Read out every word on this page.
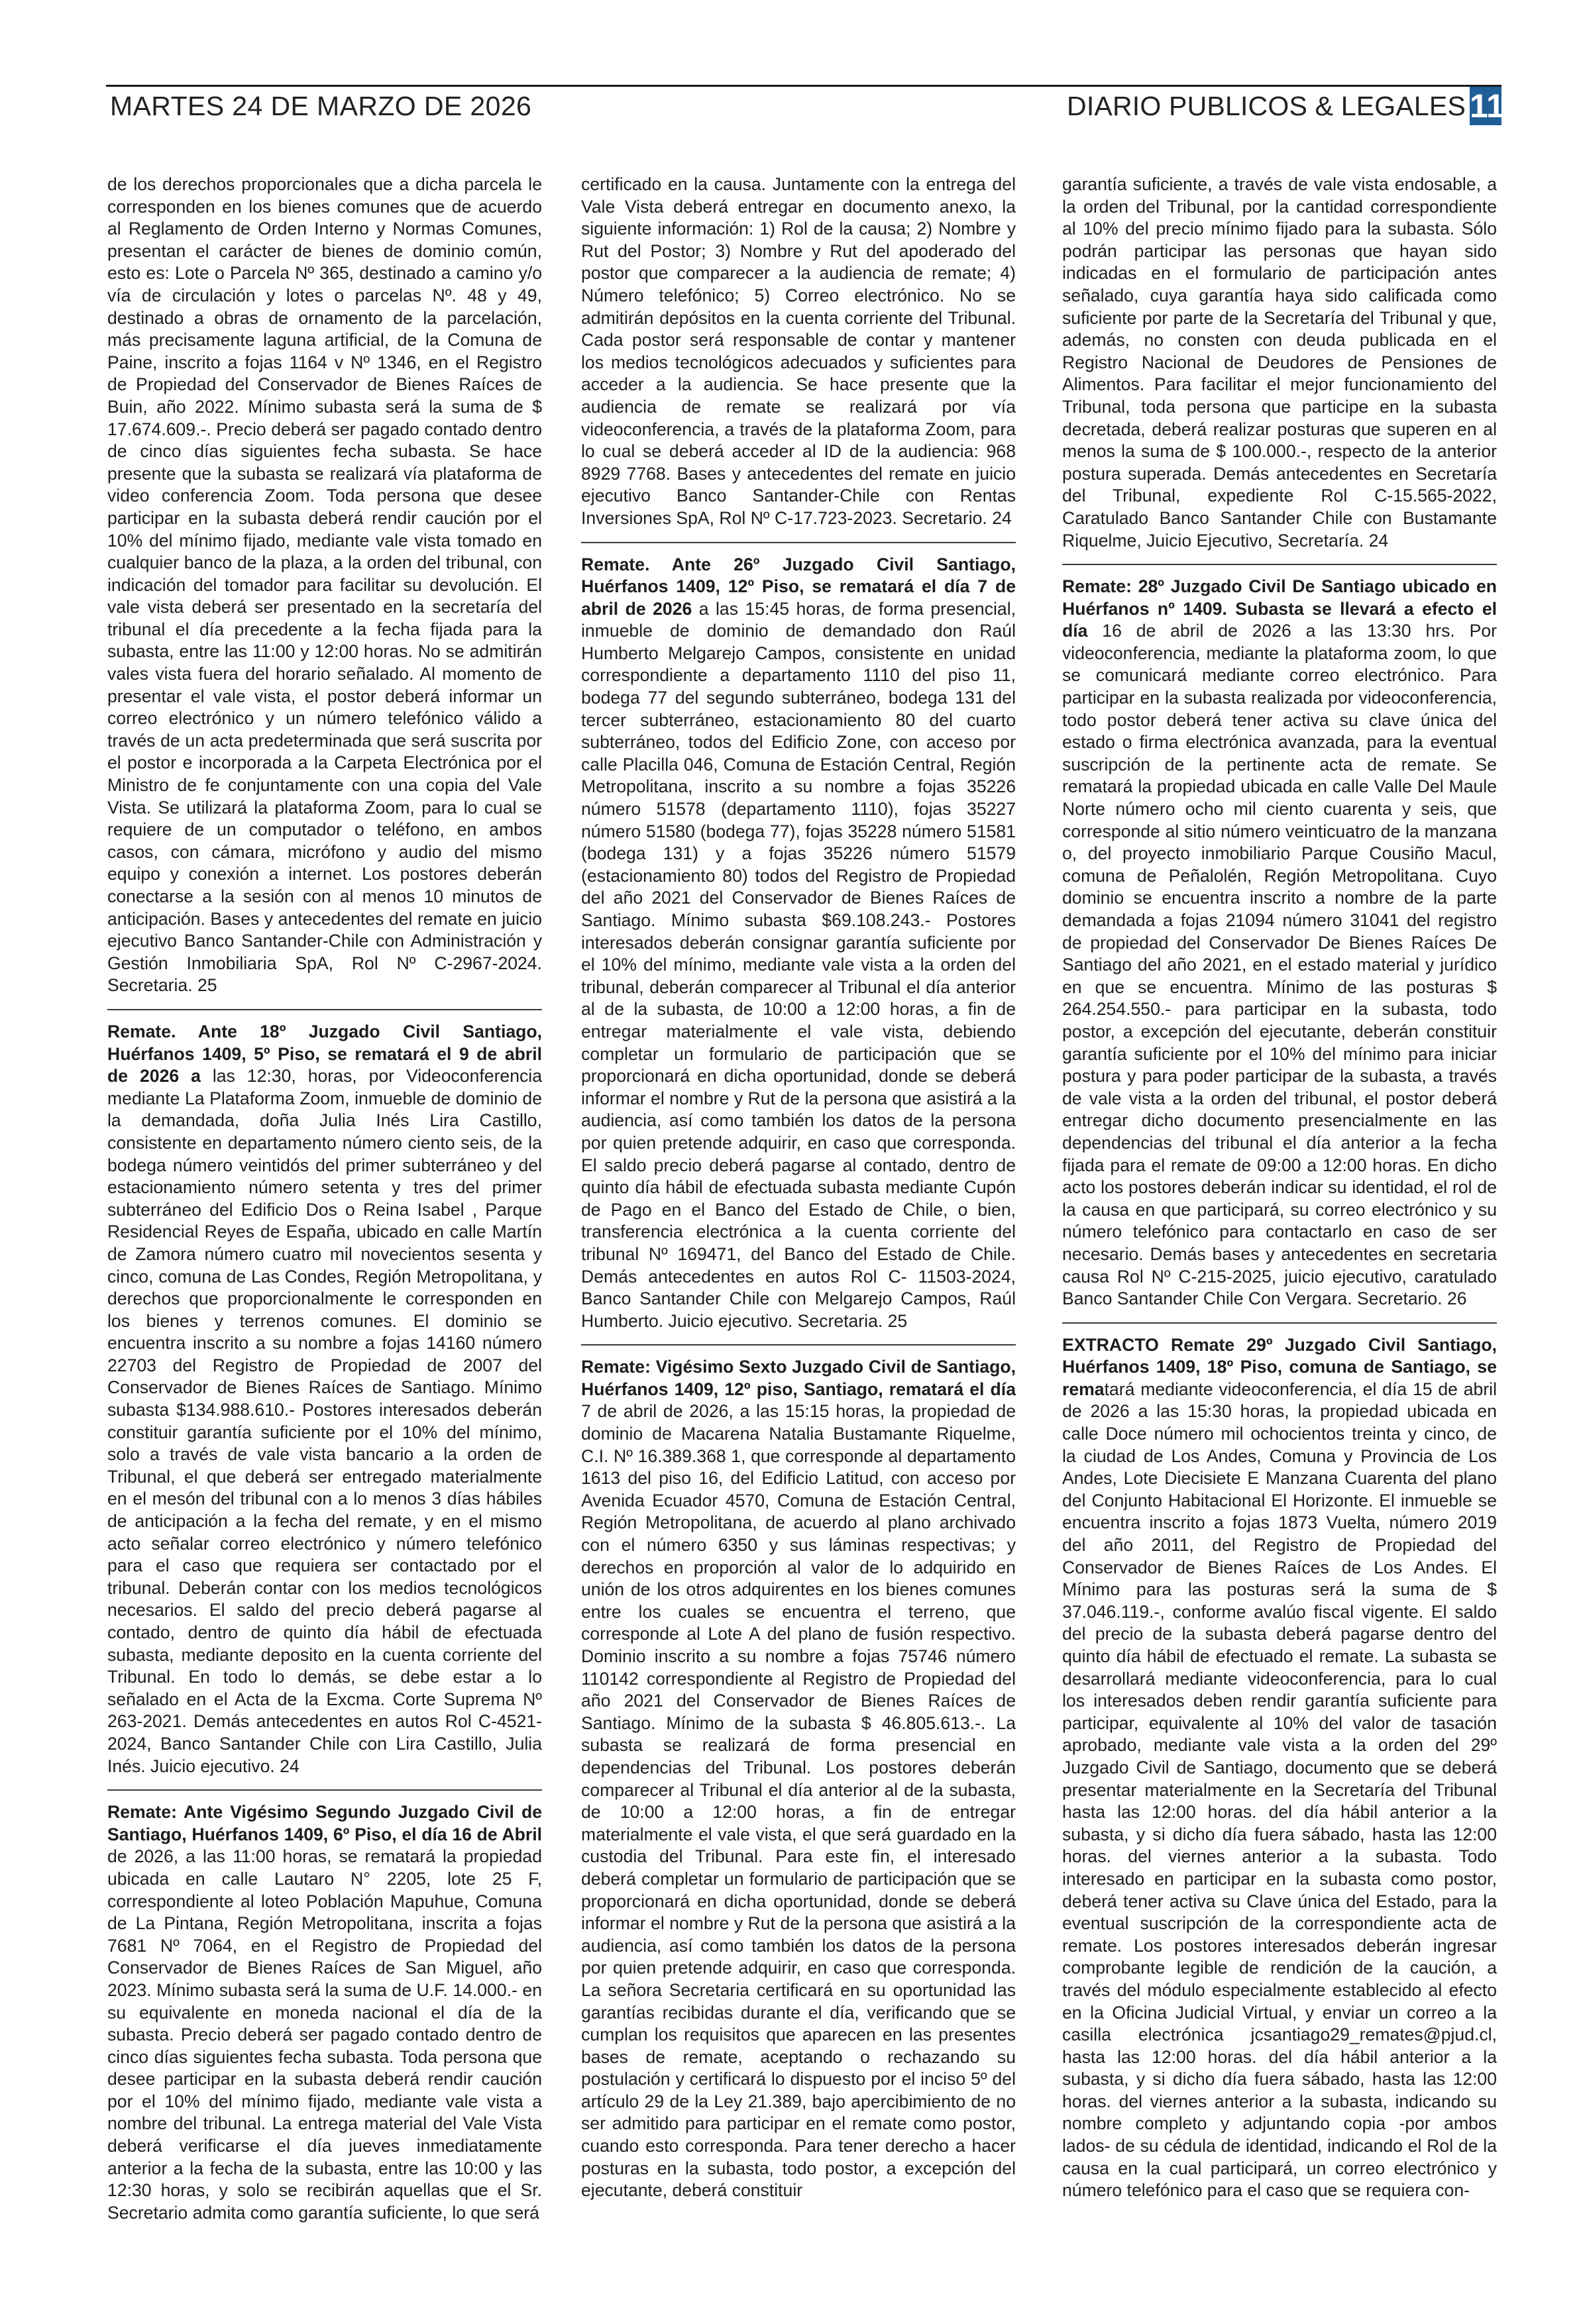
MARTES 24 DE MARZO DE 2026	DIARIO PUBLICOS & LEGALES 11

de los derechos proporcionales que a dicha parcela le corresponden en los bienes comunes que de acuerdo al Reglamento de Orden Interno y Normas Comunes, presentan el carácter de bienes de dominio común, esto es: Lote o Parcela Nº 365, destinado a camino y/o vía de circulación y lotes o parcelas Nº. 48 y 49, destinado a obras de ornamento de la parcelación, más precisamente laguna artificial, de la Comuna de Paine, inscrito a fojas 1164 v Nº 1346, en el Registro de Propiedad del Conservador de Bienes Raíces de Buin, año 2022. Mínimo subasta será la suma de $ 17.674.609.-. Precio deberá ser pagado contado dentro de cinco días siguientes fecha subasta. Se hace presente que la subasta se realizará vía plataforma de video conferencia Zoom. Toda persona que desee participar en la subasta deberá rendir caución por el 10% del mínimo fijado, mediante vale vista tomado en cualquier banco de la plaza, a la orden del tribunal, con indicación del tomador para facilitar su devolución. El vale vista deberá ser presentado en la secretaría del tribunal el día precedente a la fecha fijada para la subasta, entre las 11:00 y 12:00 horas. No se admitirán vales vista fuera del horario señalado. Al momento de presentar el vale vista, el postor deberá informar un correo electrónico y un número telefónico válido a través de un acta predeterminada que será suscrita por el postor e incorporada a la Carpeta Electrónica por el Ministro de fe conjuntamente con una copia del Vale Vista. Se utilizará la plataforma Zoom, para lo cual se requiere de un computador o teléfono, en ambos casos, con cámara, micrófono y audio del mismo equipo y conexión a internet. Los postores deberán conectarse a la sesión con al menos 10 minutos de anticipación. Bases y antecedentes del remate en juicio ejecutivo Banco Santander-Chile con Administración y Gestión Inmobiliaria SpA, Rol Nº C-2967-2024. Secretaria. 25

Remate. Ante 18º Juzgado Civil Santiago, Huérfanos 1409, 5º Piso, se rematará el 9 de abril de 2026 a las 12:30, horas, por Videoconferencia mediante La Plataforma Zoom, inmueble de dominio de la demandada, doña Julia Inés Lira Castillo, consistente en departamento número ciento seis, de la bodega número veintidós del primer subterráneo y del estacionamiento número setenta y tres del primer subterráneo del Edificio Dos o Reina Isabel , Parque Residencial Reyes de España, ubicado en calle Martín de Zamora número cuatro mil novecientos sesenta y cinco, comuna de Las Condes, Región Metropolitana, y derechos que proporcionalmente le corresponden en los bienes y terrenos comunes. El dominio se encuentra inscrito a su nombre a fojas 14160 número 22703 del Registro de Propiedad de 2007 del Conservador de Bienes Raíces de Santiago. Mínimo subasta $134.988.610.- Postores interesados deberán constituir garantía suficiente por el 10% del mínimo, solo a través de vale vista bancario a la orden de Tribunal, el que deberá ser entregado materialmente en el mesón del tribunal con a lo menos 3 días hábiles de anticipación a la fecha del remate, y en el mismo acto señalar correo electrónico y número telefónico para el caso que requiera ser contactado por el tribunal. Deberán contar con los medios tecnológicos necesarios. El saldo del precio deberá pagarse al contado, dentro de quinto día hábil de efectuada subasta, mediante deposito en la cuenta corriente del Tribunal. En todo lo demás, se debe estar a lo señalado en el Acta de la Excma. Corte Suprema Nº 263-2021. Demás antecedentes en autos Rol C-4521-2024, Banco Santander Chile con Lira Castillo, Julia Inés. Juicio ejecutivo. 24

Remate: Ante Vigésimo Segundo Juzgado Civil de Santiago, Huérfanos 1409, 6º Piso, el día 16 de Abril de 2026, a las 11:00 horas, se rematará la propiedad ubicada en calle Lautaro N° 2205, lote 25 F, correspondiente al loteo Población Mapuhue, Comuna de La Pintana, Región Metropolitana, inscrita a fojas 7681 Nº 7064, en el Registro de Propiedad del Conservador de Bienes Raíces de San Miguel, año 2023. Mínimo subasta será la suma de U.F. 14.000.- en su equivalente en moneda nacional el día de la subasta. Precio deberá ser pagado contado dentro de cinco días siguientes fecha subasta. Toda persona que desee participar en la subasta deberá rendir caución por el 10% del mínimo fijado, mediante vale vista a nombre del tribunal. La entrega material del Vale Vista deberá verificarse el día jueves inmediatamente anterior a la fecha de la subasta, entre las 10:00 y las 12:30 horas, y solo se recibirán aquellas que el Sr. Secretario admita como garantía suficiente, lo que será

certificado en la causa. Juntamente con la entrega del Vale Vista deberá entregar en documento anexo, la siguiente información: 1) Rol de la causa; 2) Nombre y Rut del Postor; 3) Nombre y Rut del apoderado del postor que comparecer a la audiencia de remate; 4) Número telefónico; 5) Correo electrónico. No se admitirán depósitos en la cuenta corriente del Tribunal. Cada postor será responsable de contar y mantener los medios tecnológicos adecuados y suficientes para acceder a la audiencia. Se hace presente que la audiencia de remate se realizará por vía videoconferencia, a través de la plataforma Zoom, para lo cual se deberá acceder al ID de la audiencia: 968 8929 7768. Bases y antecedentes del remate en juicio ejecutivo Banco Santander-Chile con Rentas Inversiones SpA, Rol Nº C-17.723-2023. Secretario. 24

Remate. Ante 26º Juzgado Civil Santiago, Huérfanos 1409, 12º Piso, se rematará el día 7 de abril de 2026 a las 15:45 horas, de forma presencial, inmueble de dominio de demandado don Raúl Humberto Melgarejo Campos, consistente en unidad correspondiente a departamento 1110 del piso 11, bodega 77 del segundo subterráneo, bodega 131 del tercer subterráneo, estacionamiento 80 del cuarto subterráneo, todos del Edificio Zone, con acceso por calle Placilla 046, Comuna de Estación Central, Región Metropolitana, inscrito a su nombre a fojas 35226 número 51578 (departamento 1110), fojas 35227 número 51580 (bodega 77), fojas 35228 número 51581 (bodega 131) y a fojas 35226 número 51579 (estacionamiento 80) todos del Registro de Propiedad del año 2021 del Conservador de Bienes Raíces de Santiago. Mínimo subasta $69.108.243.- Postores interesados deberán consignar garantía suficiente por el 10% del mínimo, mediante vale vista a la orden del tribunal, deberán comparecer al Tribunal el día anterior al de la subasta, de 10:00 a 12:00 horas, a fin de entregar materialmente el vale vista, debiendo completar un formulario de participación que se proporcionará en dicha oportunidad, donde se deberá informar el nombre y Rut de la persona que asistirá a la audiencia, así como también los datos de la persona por quien pretende adquirir, en caso que corresponda. El saldo precio deberá pagarse al contado, dentro de quinto día hábil de efectuada subasta mediante Cupón de Pago en el Banco del Estado de Chile, o bien, transferencia electrónica a la cuenta corriente del tribunal Nº 169471, del Banco del Estado de Chile. Demás antecedentes en autos Rol C- 11503-2024, Banco Santander Chile con Melgarejo Campos, Raúl Humberto. Juicio ejecutivo. Secretaria. 25

Remate: Vigésimo Sexto Juzgado Civil de Santiago, Huérfanos 1409, 12º piso, Santiago, rematará el día 7 de abril de 2026, a las 15:15 horas, la propiedad de dominio de Macarena Natalia Bustamante Riquelme, C.I. Nº 16.389.368 1, que corresponde al departamento 1613 del piso 16, del Edificio Latitud, con acceso por Avenida Ecuador 4570, Comuna de Estación Central, Región Metropolitana, de acuerdo al plano archivado con el número 6350 y sus láminas respectivas; y derechos en proporción al valor de lo adquirido en unión de los otros adquirentes en los bienes comunes entre los cuales se encuentra el terreno, que corresponde al Lote A del plano de fusión respectivo. Dominio inscrito a su nombre a fojas 75746 número 110142 correspondiente al Registro de Propiedad del año 2021 del Conservador de Bienes Raíces de Santiago. Mínimo de la subasta $ 46.805.613.-. La subasta se realizará de forma presencial en dependencias del Tribunal. Los postores deberán comparecer al Tribunal el día anterior al de la subasta, de 10:00 a 12:00 horas, a fin de entregar materialmente el vale vista, el que será guardado en la custodia del Tribunal. Para este fin, el interesado deberá completar un formulario de participación que se proporcionará en dicha oportunidad, donde se deberá informar el nombre y Rut de la persona que asistirá a la audiencia, así como también los datos de la persona por quien pretende adquirir, en caso que corresponda. La señora Secretaria certificará en su oportunidad las garantías recibidas durante el día, verificando que se cumplan los requisitos que aparecen en las presentes bases de remate, aceptando o rechazando su postulación y certificará lo dispuesto por el inciso 5º del artículo 29 de la Ley 21.389, bajo apercibimiento de no ser admitido para participar en el remate como postor, cuando esto corresponda. Para tener derecho a hacer posturas en la subasta, todo postor, a excepción del ejecutante, deberá constituir

garantía suficiente, a través de vale vista endosable, a la orden del Tribunal, por la cantidad correspondiente al 10% del precio mínimo fijado para la subasta. Sólo podrán participar las personas que hayan sido indicadas en el formulario de participación antes señalado, cuya garantía haya sido calificada como suficiente por parte de la Secretaría del Tribunal y que, además, no consten con deuda publicada en el Registro Nacional de Deudores de Pensiones de Alimentos. Para facilitar el mejor funcionamiento del Tribunal, toda persona que participe en la subasta decretada, deberá realizar posturas que superen en al menos la suma de $ 100.000.-, respecto de la anterior postura superada. Demás antecedentes en Secretaría del Tribunal, expediente Rol C-15.565-2022, Caratulado Banco Santander Chile con Bustamante Riquelme, Juicio Ejecutivo, Secretaría. 24

Remate: 28º Juzgado Civil De Santiago ubicado en Huérfanos nº 1409. Subasta se llevará a efecto el día 16 de abril de 2026 a las 13:30 hrs. Por videoconferencia, mediante la plataforma zoom, lo que se comunicará mediante correo electrónico. Para participar en la subasta realizada por videoconferencia, todo postor deberá tener activa su clave única del estado o firma electrónica avanzada, para la eventual suscripción de la pertinente acta de remate. Se rematará la propiedad ubicada en calle Valle Del Maule Norte número ocho mil ciento cuarenta y seis, que corresponde al sitio número veinticuatro de la manzana o, del proyecto inmobiliario Parque Cousiño Macul, comuna de Peñalolén, Región Metropolitana. Cuyo dominio se encuentra inscrito a nombre de la parte demandada a fojas 21094 número 31041 del registro de propiedad del Conservador De Bienes Raíces De Santiago del año 2021, en el estado material y jurídico en que se encuentra. Mínimo de las posturas $ 264.254.550.- para participar en la subasta, todo postor, a excepción del ejecutante, deberán constituir garantía suficiente por el 10% del mínimo para iniciar postura y para poder participar de la subasta, a través de vale vista a la orden del tribunal, el postor deberá entregar dicho documento presencialmente en las dependencias del tribunal el día anterior a la fecha fijada para el remate de 09:00 a 12:00 horas. En dicho acto los postores deberán indicar su identidad, el rol de la causa en que participará, su correo electrónico y su número telefónico para contactarlo en caso de ser necesario. Demás bases y antecedentes en secretaria causa Rol Nº C-215-2025, juicio ejecutivo, caratulado Banco Santander Chile Con Vergara. Secretario. 26

EXTRACTO Remate 29º Juzgado Civil Santiago, Huérfanos 1409, 18º Piso, comuna de Santiago, se rematará mediante videoconferencia, el día 15 de abril de 2026 a las 15:30 horas, la propiedad ubicada en calle Doce número mil ochocientos treinta y cinco, de la ciudad de Los Andes, Comuna y Provincia de Los Andes, Lote Diecisiete E Manzana Cuarenta del plano del Conjunto Habitacional El Horizonte. El inmueble se encuentra inscrito a fojas 1873 Vuelta, número 2019 del año 2011, del Registro de Propiedad del Conservador de Bienes Raíces de Los Andes. El Mínimo para las posturas será la suma de $ 37.046.119.-, conforme avalúo fiscal vigente. El saldo del precio de la subasta deberá pagarse dentro del quinto día hábil de efectuado el remate. La subasta se desarrollará mediante videoconferencia, para lo cual los interesados deben rendir garantía suficiente para participar, equivalente al 10% del valor de tasación aprobado, mediante vale vista a la orden del 29º Juzgado Civil de Santiago, documento que se deberá presentar materialmente en la Secretaría del Tribunal hasta las 12:00 horas. del día hábil anterior a la subasta, y si dicho día fuera sábado, hasta las 12:00 horas. del viernes anterior a la subasta. Todo interesado en participar en la subasta como postor, deberá tener activa su Clave única del Estado, para la eventual suscripción de la correspondiente acta de remate. Los postores interesados deberán ingresar comprobante legible de rendición de la caución, a través del módulo especialmente establecido al efecto en la Oficina Judicial Virtual, y enviar un correo a la casilla electrónica jcsantiago29_remates@pjud.cl, hasta las 12:00 horas. del día hábil anterior a la subasta, y si dicho día fuera sábado, hasta las 12:00 horas. del viernes anterior a la subasta, indicando su nombre completo y adjuntando copia -por ambos lados- de su cédula de identidad, indicando el Rol de la causa en la cual participará, un correo electrónico y número telefónico para el caso que se requiera con-
